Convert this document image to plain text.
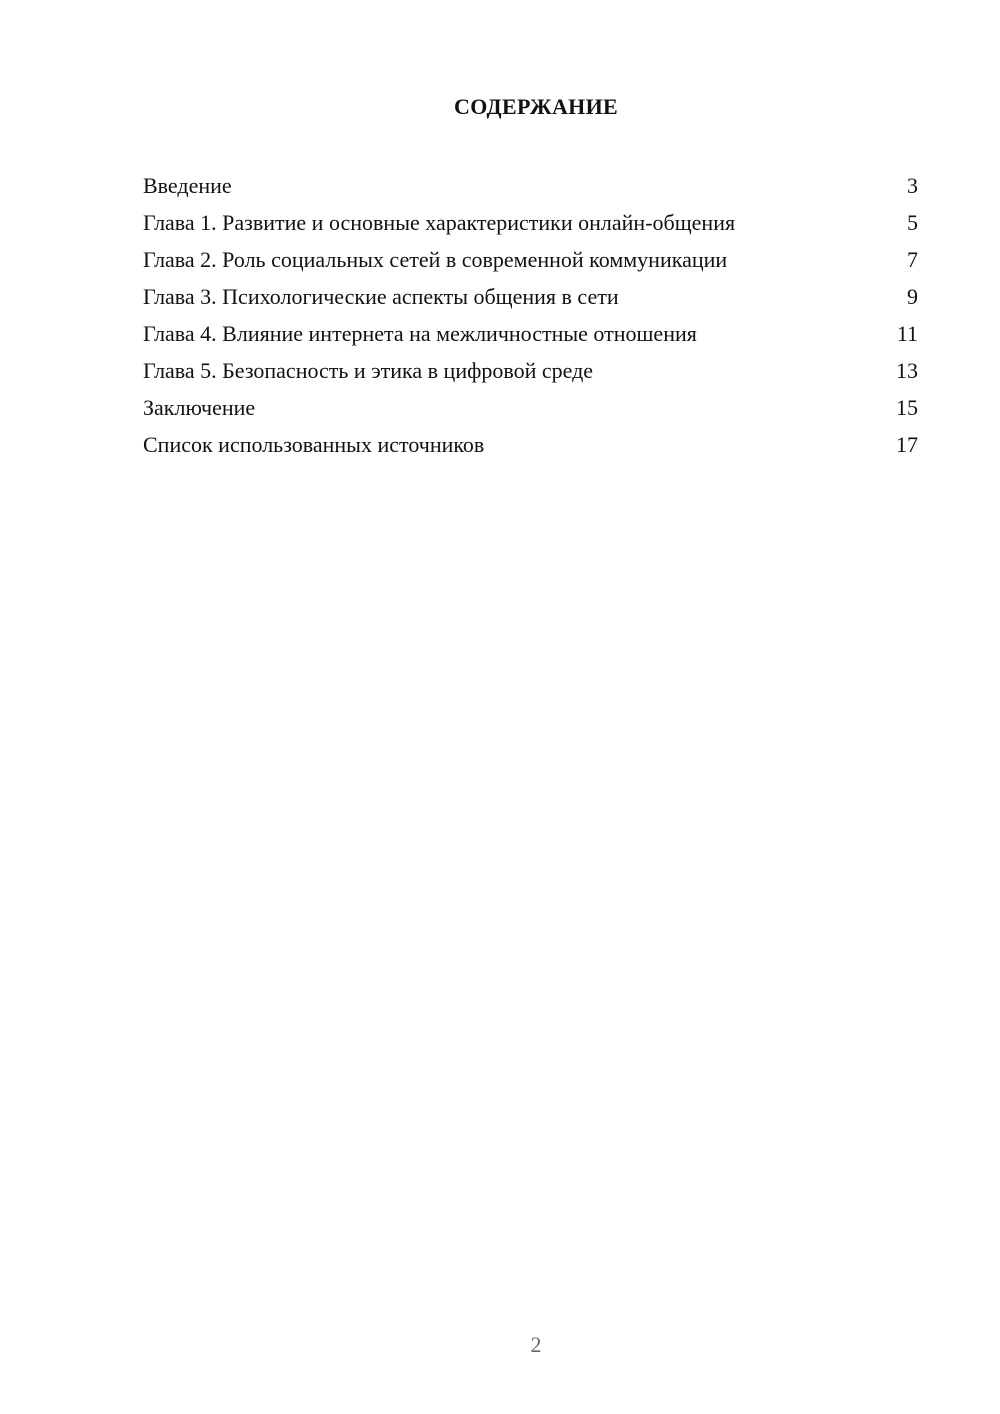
СОДЕРЖАНИЕ
Введение	3
Глава 1. Развитие и основные характеристики онлайн-общения	5
Глава 2. Роль социальных сетей в современной коммуникации	7
Глава 3. Психологические аспекты общения в сети	9
Глава 4. Влияние интернета на межличностные отношения	11
Глава 5. Безопасность и этика в цифровой среде	13
Заключение	15
Список использованных источников	17
2
